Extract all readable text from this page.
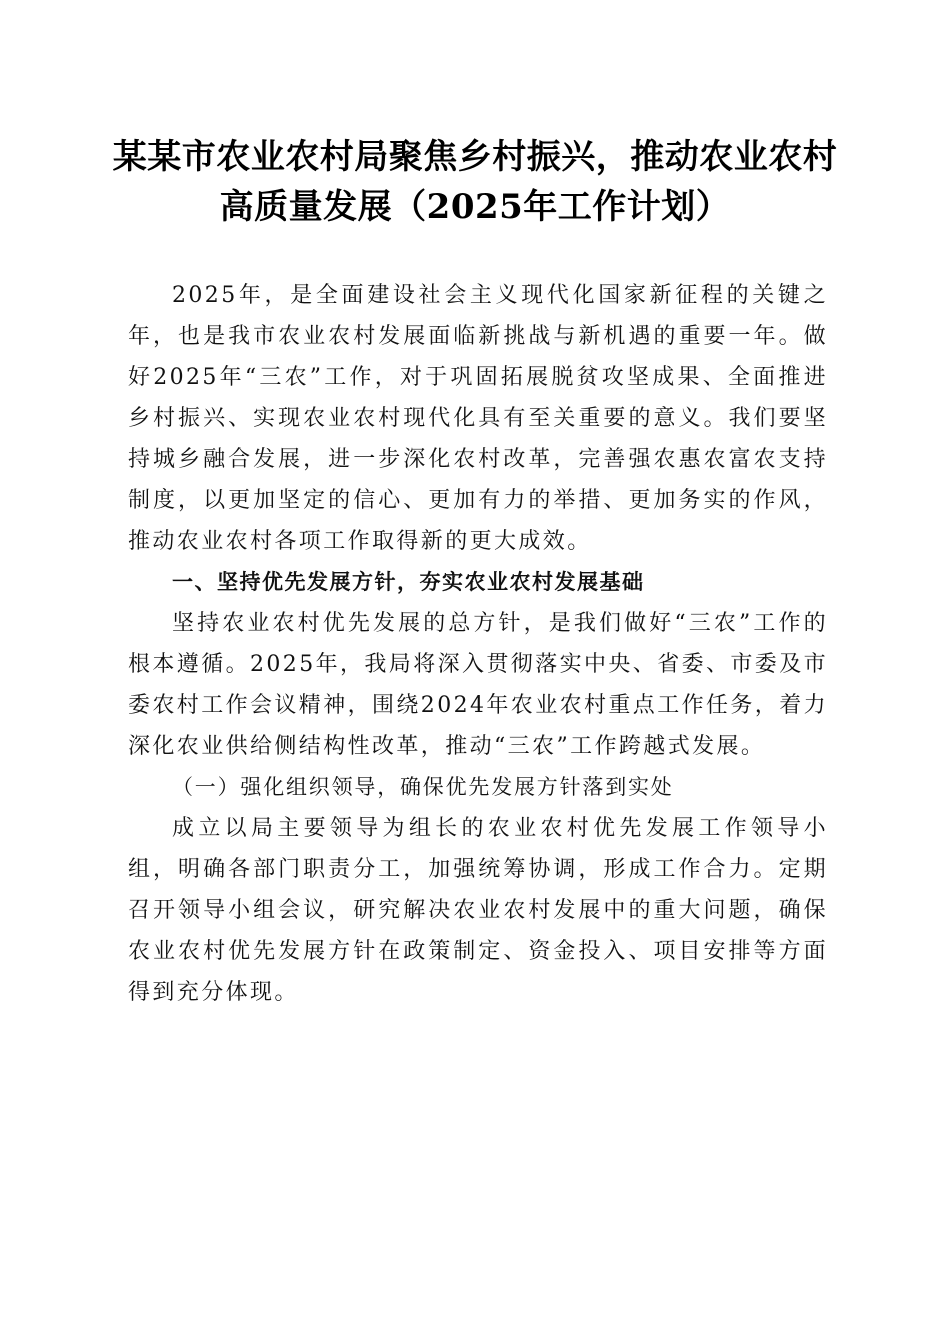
某某市农业农村局聚焦乡村振兴，推动农业农村高质量发展（2025年工作计划）

2025年，是全面建设社会主义现代化国家新征程的关键之年，也是我市农业农村发展面临新挑战与新机遇的重要一年。做好2025年“三农”工作，对于巩固拓展脱贫攻坚成果、全面推进乡村振兴、实现农业农村现代化具有至关重要的意义。我们要坚持城乡融合发展，进一步深化农村改革，完善强农惠农富农支持制度，以更加坚定的信心、更加有力的举措、更加务实的作风，推动农业农村各项工作取得新的更大成效。

一、坚持优先发展方针，夯实农业农村发展基础

坚持农业农村优先发展的总方针，是我们做好“三农”工作的根本遵循。2025年，我局将深入贯彻落实中央、省委、市委及市委农村工作会议精神，围绕2024年农业农村重点工作任务，着力深化农业供给侧结构性改革，推动“三农”工作跨越式发展。

（一）强化组织领导，确保优先发展方针落到实处

成立以局主要领导为组长的农业农村优先发展工作领导小组，明确各部门职责分工，加强统筹协调，形成工作合力。定期召开领导小组会议，研究解决农业农村发展中的重大问题，确保农业农村优先发展方针在政策制定、资金投入、项目安排等方面得到充分体现。
